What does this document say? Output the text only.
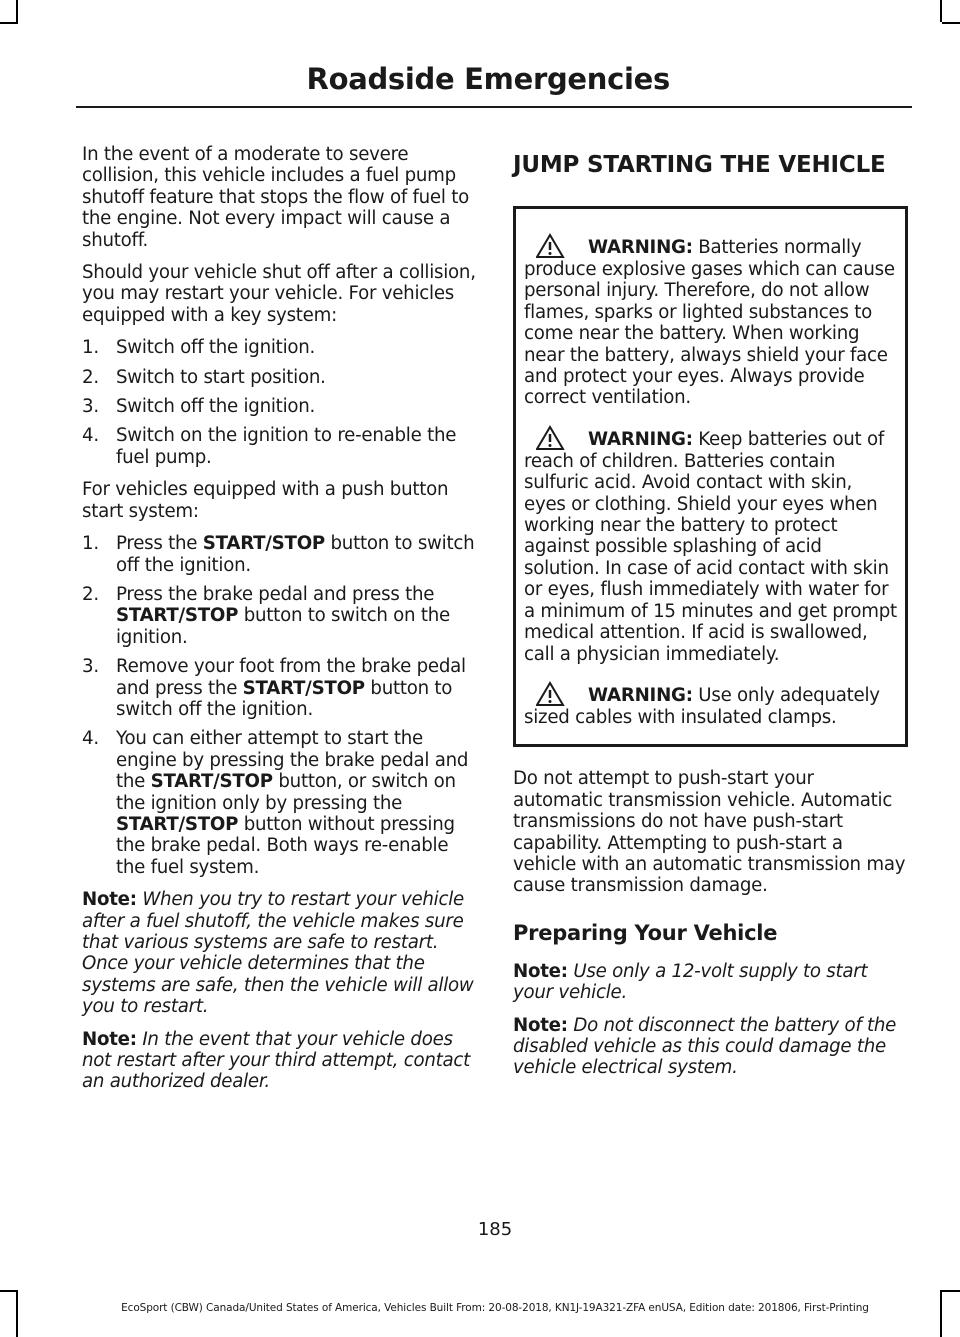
Roadside Emergencies

In the event of a moderate to severe collision, this vehicle includes a fuel pump shutoff feature that stops the flow of fuel to the engine. Not every impact will cause a shutoff.

Should your vehicle shut off after a collision, you may restart your vehicle. For vehicles equipped with a key system:

1. Switch off the ignition.
2. Switch to start position.
3. Switch off the ignition.
4. Switch on the ignition to re-enable the fuel pump.

For vehicles equipped with a push button start system:

1. Press the START/STOP button to switch off the ignition.
2. Press the brake pedal and press the START/STOP button to switch on the ignition.
3. Remove your foot from the brake pedal and press the START/STOP button to switch off the ignition.
4. You can either attempt to start the engine by pressing the brake pedal and the START/STOP button, or switch on the ignition only by pressing the START/STOP button without pressing the brake pedal. Both ways re-enable the fuel system.

Note: When you try to restart your vehicle after a fuel shutoff, the vehicle makes sure that various systems are safe to restart. Once your vehicle determines that the systems are safe, then the vehicle will allow you to restart.

Note: In the event that your vehicle does not restart after your third attempt, contact an authorized dealer.

JUMP STARTING THE VEHICLE

WARNING: Batteries normally produce explosive gases which can cause personal injury. Therefore, do not allow flames, sparks or lighted substances to come near the battery. When working near the battery, always shield your face and protect your eyes. Always provide correct ventilation.

WARNING: Keep batteries out of reach of children. Batteries contain sulfuric acid. Avoid contact with skin, eyes or clothing. Shield your eyes when working near the battery to protect against possible splashing of acid solution. In case of acid contact with skin or eyes, flush immediately with water for a minimum of 15 minutes and get prompt medical attention. If acid is swallowed, call a physician immediately.

WARNING: Use only adequately sized cables with insulated clamps.

Do not attempt to push-start your automatic transmission vehicle. Automatic transmissions do not have push-start capability. Attempting to push-start a vehicle with an automatic transmission may cause transmission damage.

Preparing Your Vehicle

Note: Use only a 12-volt supply to start your vehicle.

Note: Do not disconnect the battery of the disabled vehicle as this could damage the vehicle electrical system.

185
EcoSport (CBW) Canada/United States of America, Vehicles Built From: 20-08-2018, KN1J-19A321-ZFA enUSA, Edition date: 201806, First-Printing
